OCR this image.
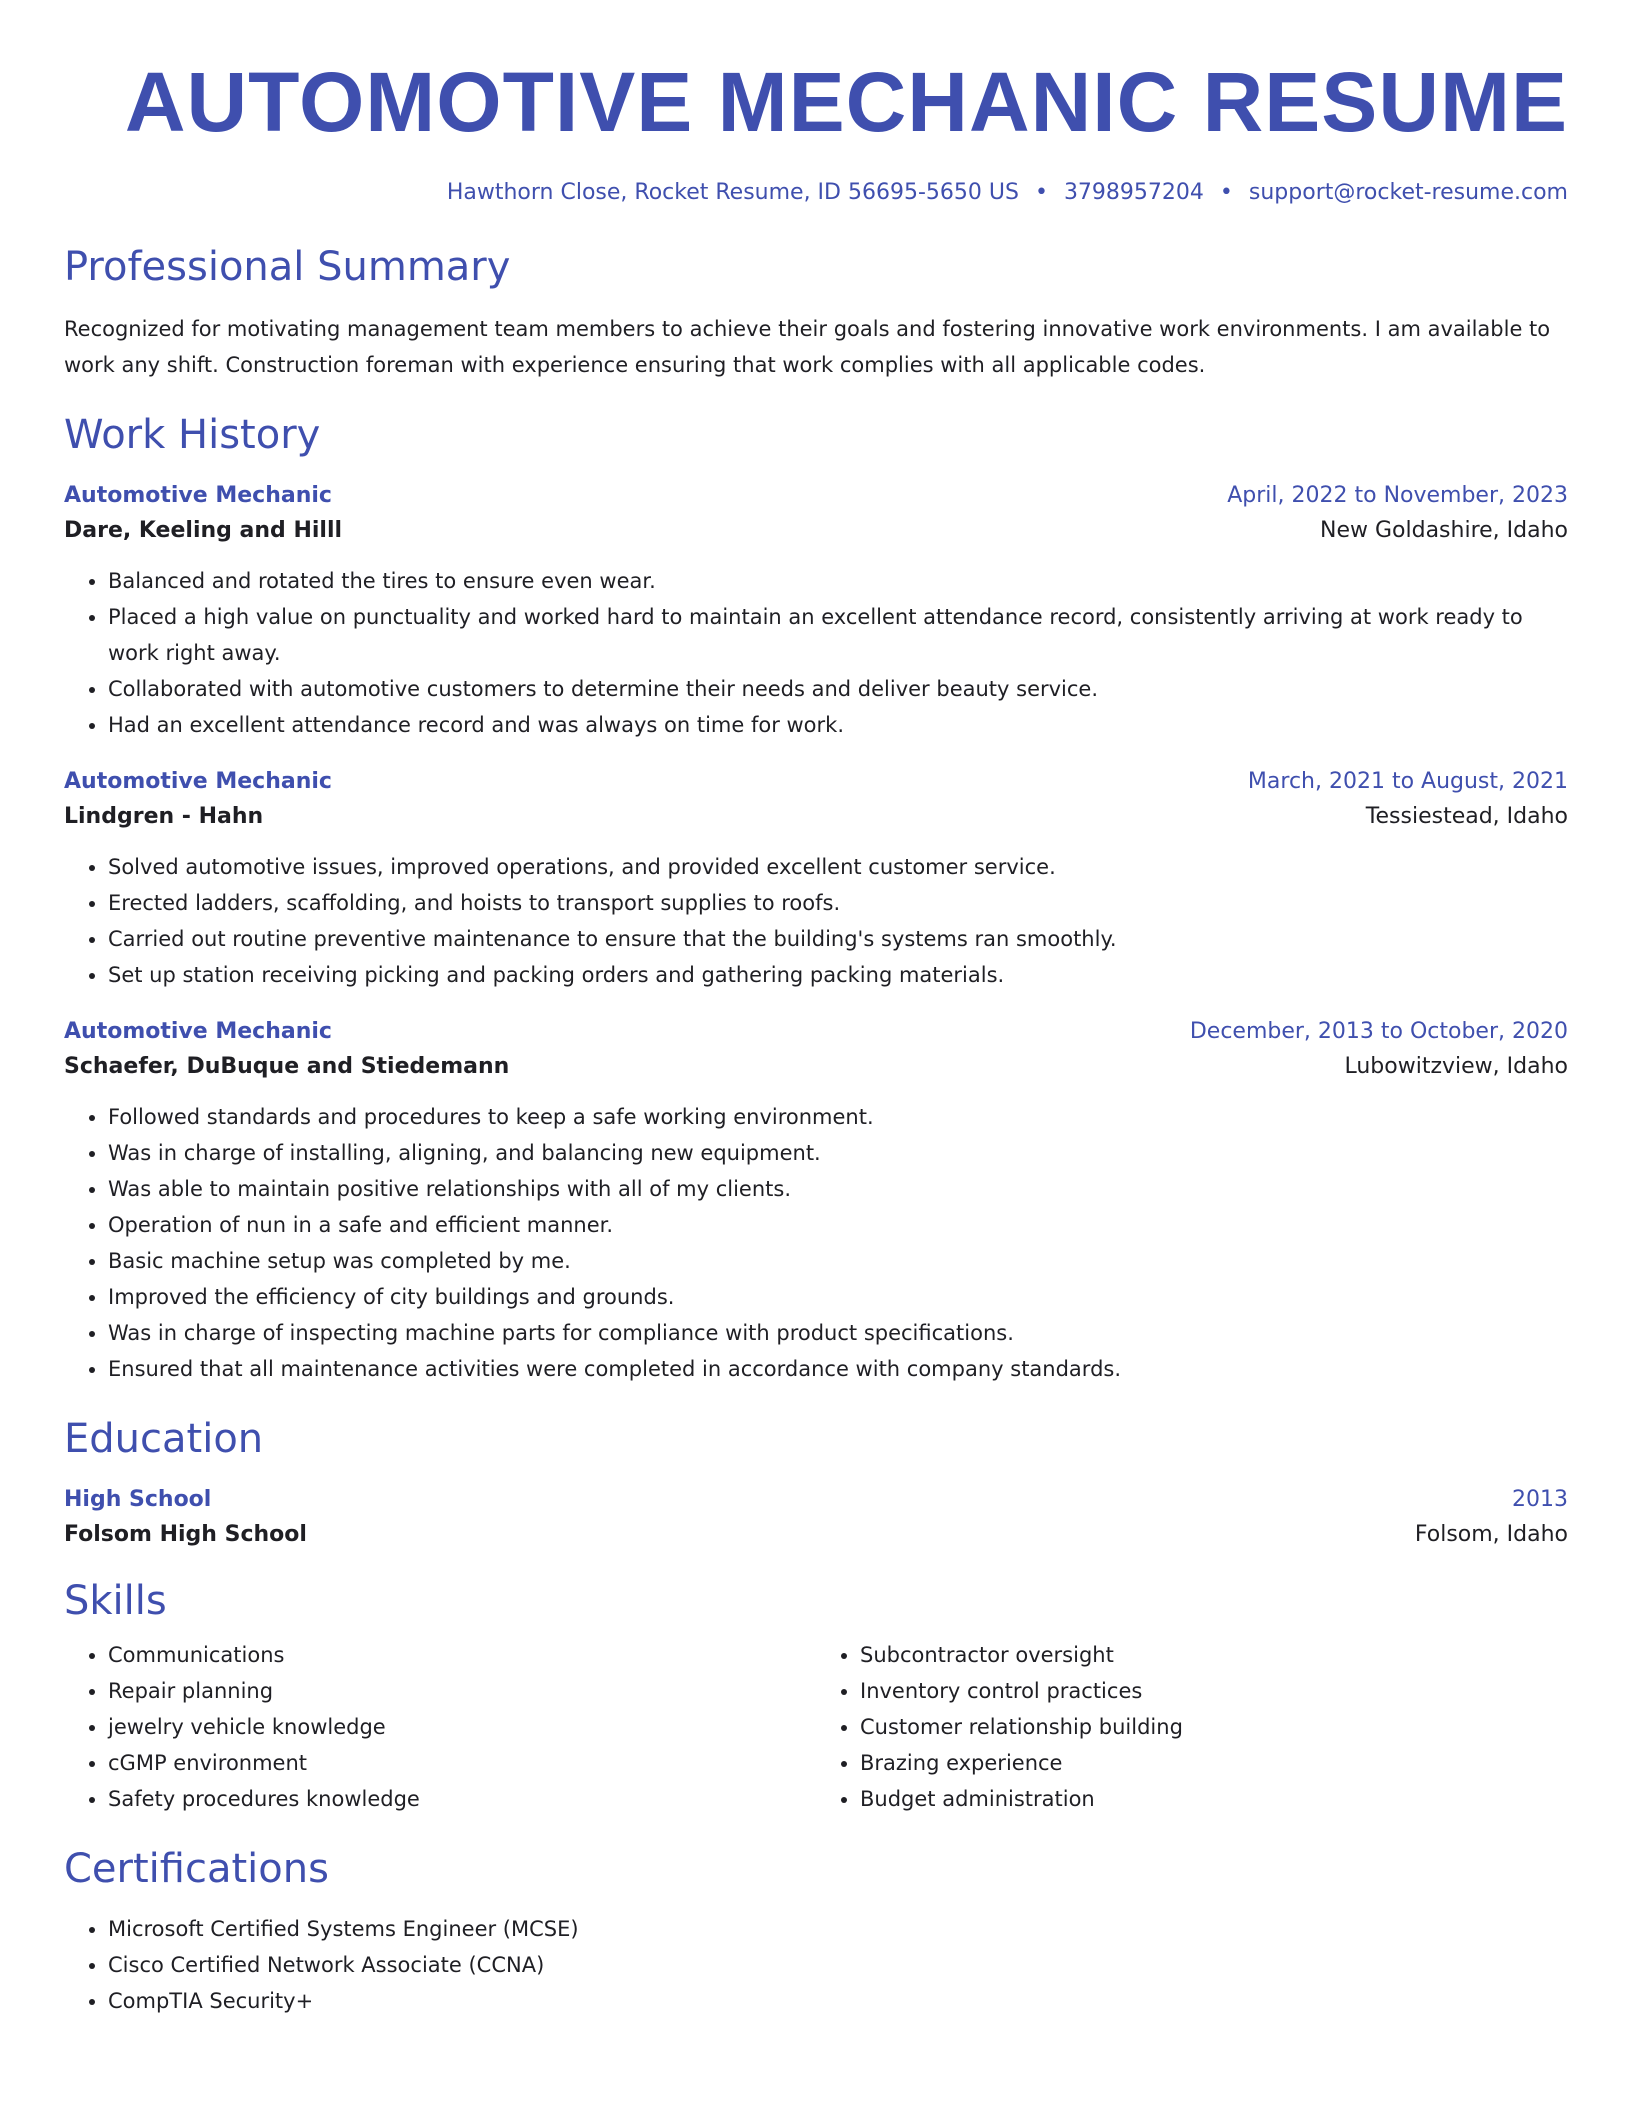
AUTOMOTIVE MECHANIC RESUME
Hawthorn Close, Rocket Resume, ID 56695-5650 US • 3798957204 • support@rocket-resume.com
Professional Summary
Recognized for motivating management team members to achieve their goals and fostering innovative work environments. I am available to work any shift. Construction foreman with experience ensuring that work complies with all applicable codes.
Work History
Automotive Mechanic	April, 2022 to November, 2023
Dare, Keeling and Hilll	New Goldashire, Idaho
• Balanced and rotated the tires to ensure even wear.
• Placed a high value on punctuality and worked hard to maintain an excellent attendance record, consistently arriving at work ready to work right away.
• Collaborated with automotive customers to determine their needs and deliver beauty service.
• Had an excellent attendance record and was always on time for work.
Automotive Mechanic	March, 2021 to August, 2021
Lindgren - Hahn	Tessiestead, Idaho
• Solved automotive issues, improved operations, and provided excellent customer service.
• Erected ladders, scaffolding, and hoists to transport supplies to roofs.
• Carried out routine preventive maintenance to ensure that the building's systems ran smoothly.
• Set up station receiving picking and packing orders and gathering packing materials.
Automotive Mechanic	December, 2013 to October, 2020
Schaefer, DuBuque and Stiedemann	Lubowitzview, Idaho
• Followed standards and procedures to keep a safe working environment.
• Was in charge of installing, aligning, and balancing new equipment.
• Was able to maintain positive relationships with all of my clients.
• Operation of nun in a safe and efficient manner.
• Basic machine setup was completed by me.
• Improved the efficiency of city buildings and grounds.
• Was in charge of inspecting machine parts for compliance with product specifications.
• Ensured that all maintenance activities were completed in accordance with company standards.
Education
High School	2013
Folsom High School	Folsom, Idaho
Skills
• Communications
• Repair planning
• jewelry vehicle knowledge
• cGMP environment
• Safety procedures knowledge
• Subcontractor oversight
• Inventory control practices
• Customer relationship building
• Brazing experience
• Budget administration
Certifications
• Microsoft Certified Systems Engineer (MCSE)
• Cisco Certified Network Associate (CCNA)
• CompTIA Security+
